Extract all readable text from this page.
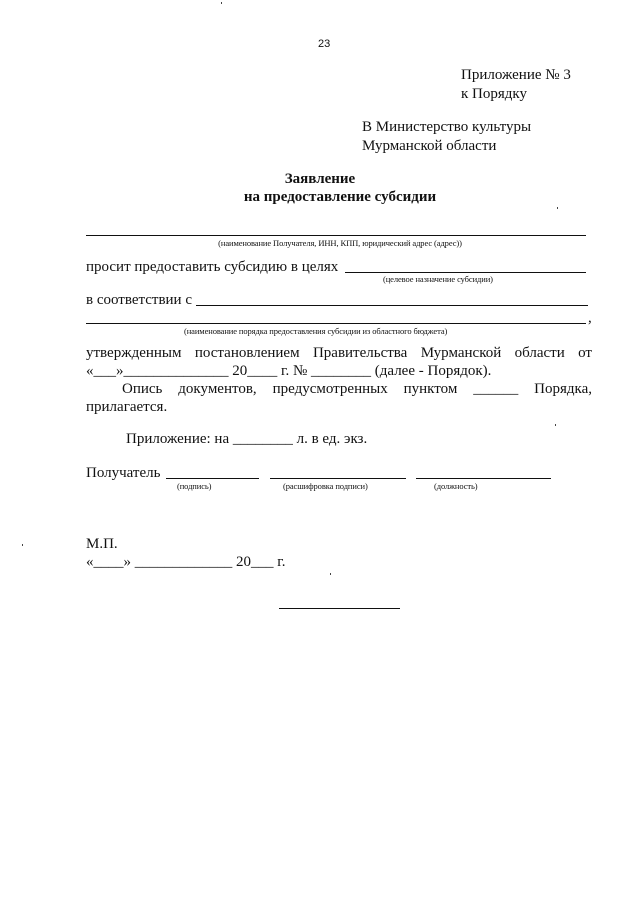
23
Приложение № 3
к Порядку
В Министерство культуры
Мурманской области
Заявление
на предоставление субсидии
(наименование Получателя, ИНН, КПП, юридический адрес (адрес))
просит предоставить субсидию в целях
(целевое назначение субсидии)
в соответствии с
,
(наименование порядка предоставления субсидии из областного бюджета)
утвержденным постановлением Правительства Мурманской области от
«___»______________ 20____ г. № ________ (далее - Порядок).
Опись документов, предусмотренных пунктом ______ Порядка,
прилагается.
Приложение: на ________ л. в ед. экз.
Получатель
(подпись)	(расшифровка подписи)	(должность)
М.П.
«____» _____________ 20___ г.
